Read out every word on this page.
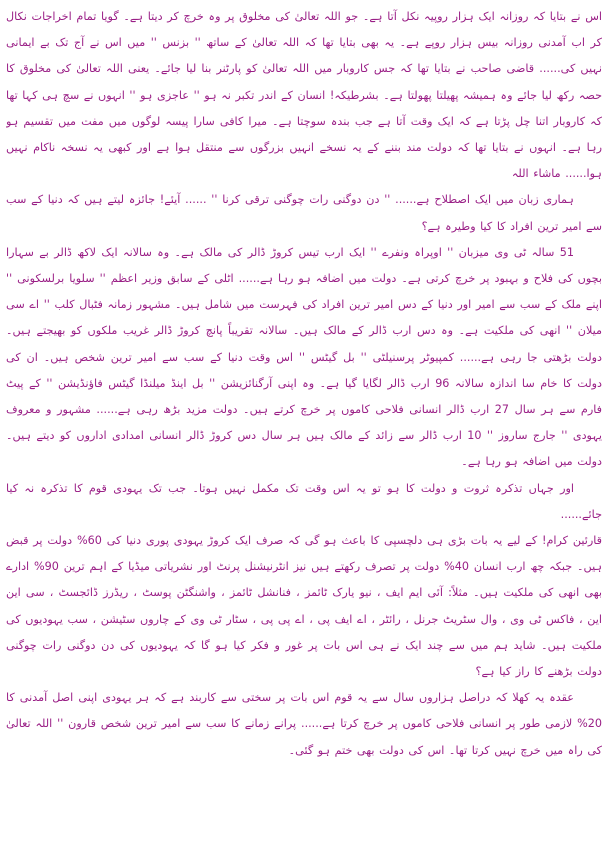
اس نے بتایا کہ روزانہ ایک ہزار روپیہ نکل آتا ہے۔ جو اللہ تعالیٰ کی مخلوق پر وہ خرچ کر دیتا ہے۔ گویا تمام اخراجات نکال کر اب آمدنی روزانہ بیس ہزار روپے ہے۔ یہ بھی بتایا تھا کہ اللہ تعالیٰ کے ساتھ '' بزنس '' میں اس نے آج تک بے ایمانی نہیں کی...... قاضی صاحب نے بتایا تھا کہ جس کاروبار میں اللہ تعالیٰ کو پارٹنر بنا لیا جائے۔ یعنی اللہ تعالیٰ کی مخلوق کا حصہ رکھ لیا جائے وہ ہمیشہ پھیلتا پھولتا ہے۔ بشرطیکہ! انسان کے اندر تکبر نہ ہو '' عاجزی ہو '' انہوں نے سچ ہی کہا تھا کہ کاروبار اتنا چل پڑتا ہے کہ ایک وقت آتا ہے جب بندہ سوچتا ہے۔ میرا کافی سارا پیسہ لوگوں میں مفت میں تقسیم ہو رہا ہے۔ انہوں نے بتایا تھا کہ دولت مند بننے کے یہ نسخے انہیں بزرگوں سے منتقل ہوا ہے اور کبھی یہ نسخہ ناکام نہیں ہوا...... ماشاء اللہ

ہماری زبان میں ایک اصطلاح ہے...... '' دن دوگنی رات چوگنی ترقی کرنا '' ...... آیئے! جائزہ لیتے ہیں کہ دنیا کے سب سے امیر ترین افراد کا کیا وطیرہ ہے؟

51 سالہ ٹی وی میزبان '' اوپراہ ونفرے '' ایک ارب تیس کروڑ ڈالر کی مالک ہے۔ وہ سالانہ ایک لاکھ ڈالر بے سہارا بچوں کی فلاح و بہبود پر خرچ کرتی ہے۔ دولت میں اضافہ ہو رہا ہے...... اٹلی کے سابق وزیر اعظم '' سلویا برلسکونی '' اپنے ملک کے سب سے امیر اور دنیا کے دس امیر ترین افراد کی فہرست میں شامل ہیں۔ مشہور زمانہ فٹبال کلب '' اے سی میلان '' انھی کی ملکیت ہے۔ وہ دس ارب ڈالر کے مالک ہیں۔ سالانہ تقریباً پانچ کروڑ ڈالر غریب ملکوں کو بھیجتے ہیں۔ دولت بڑھتی جا رہی ہے...... کمپیوٹر پرسنیلٹی '' بل گیٹس '' اس وقت دنیا کے سب سے امیر ترین شخص ہیں۔ ان کی دولت کا خام سا اندازہ سالانہ 96 ارب ڈالر لگایا گیا ہے۔ وہ اپنی آرگنائزیشن '' بل اینڈ میلنڈا گیٹس فاؤنڈیشن '' کے پیٹ فارم سے ہر سال 27 ارب ڈالر انسانی فلاحی کاموں پر خرچ کرتے ہیں۔ دولت مزید بڑھ رہی ہے...... مشہور و معروف یہودی '' جارج ساروز '' 10 ارب ڈالر سے زائد کے مالک ہیں ہر سال دس کروڑ ڈالر انسانی امدادی اداروں کو دیتے ہیں۔ دولت میں اضافہ ہو رہا ہے۔

اور جہاں تذکرہ ثروت و دولت کا ہو تو یہ اس وقت تک مکمل نہیں ہوتا۔ جب تک یہودی قوم کا تذکرہ نہ کیا جائے......

قارئین کرام! کے لیے یہ بات بڑی ہی دلچسپی کا باعث ہو گی کہ صرف ایک کروڑ یہودی پوری دنیا کی 60% دولت پر قبض ہیں۔ جبکہ چھ ارب انسان 40% دولت پر تصرف رکھتے ہیں نیز انٹرنیشنل پرنٹ اور نشریاتی میڈیا کے اہم ترین 90% ادارے بھی انھی کی ملکیت ہیں۔ مثلاً: آئی ایم ایف ، نیو یارک ٹائمز ، فنانشل ٹائمز ، واشنگٹن پوسٹ ، ریڈرز ڈائجسٹ ، سی این این ، فاکس ٹی وی ، وال سٹریٹ جرنل ، رائٹر ، اے ایف پی ، اے پی پی ، سٹار ٹی وی کے چاروں سٹیشن ، سب یہودیوں کی ملکیت ہیں۔ شاید ہم میں سے چند ایک نے ہی اس بات پر غور و فکر کیا ہو گا کہ یہودیوں کی دن دوگنی رات چوگنی دولت بڑھنے کا راز کیا ہے؟

عقدہ یہ کھلا کہ دراصل ہزاروں سال سے یہ قوم اس بات پر سختی سے کاربند ہے کہ ہر یہودی اپنی اصل آمدنی کا 20% لازمی طور پر انسانی فلاحی کاموں پر خرچ کرتا ہے...... پرانے زمانے کا سب سے امیر ترین شخص قارون '' اللہ تعالیٰ کی راہ میں خرچ نہیں کرتا تھا۔ اس کی دولت بھی ختم ہو گئی۔
